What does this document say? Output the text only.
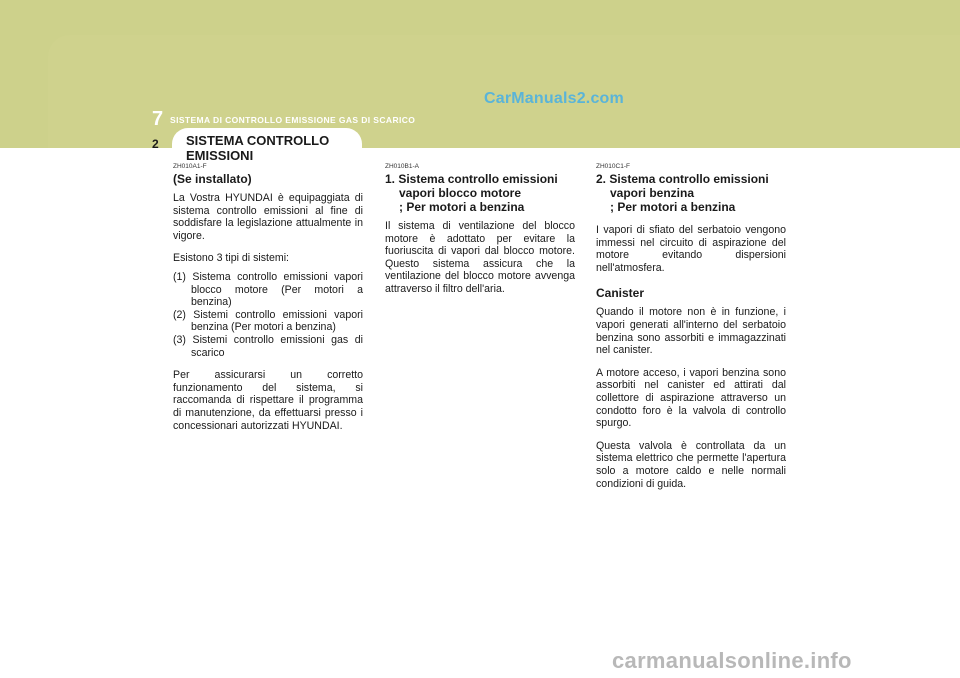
CarManuals2.com
7 SISTEMA DI CONTROLLO EMISSIONE GAS DI SCARICO
2 SISTEMA CONTROLLO EMISSIONI
ZH010A1-F
(Se installato)

La Vostra HYUNDAI è equipaggiata di sistema controllo emissioni al fine di soddisfare la legislazione attualmente in vigore.

Esistono 3 tipi di sistemi:

(1) Sistema controllo emissioni vapori blocco motore (Per motori a benzina)
(2) Sistemi controllo emissioni vapori benzina (Per motori a benzina)
(3) Sistemi controllo emissioni gas di scarico

Per assicurarsi un corretto funzionamento del sistema, si raccomanda di rispettare il programma di manutenzione, da effettuarsi presso i concessionari autorizzati HYUNDAI.

ZH010B1-A
1. Sistema controllo emissioni
vapori blocco motore
; Per motori a benzina

Il sistema di ventilazione del blocco motore è adottato per evitare la fuoriuscita di vapori dal blocco motore. Questo sistema assicura che la ventilazione del blocco motore avvenga attraverso il filtro dell'aria.

ZH010C1-F
2. Sistema controllo emissioni
vapori benzina
; Per motori a benzina

I vapori di sfiato del serbatoio vengono immessi nel circuito di aspirazione del motore evitando dispersioni nell'atmosfera.

Canister

Quando il motore non è in funzione, i vapori generati all'interno del serbatoio benzina sono assorbiti e immagazzinati nel canister.

A motore acceso, i vapori benzina sono assorbiti nel canister ed attirati dal collettore di aspirazione attraverso un condotto foro è la valvola di controllo spurgo.

Questa valvola è controllata da un sistema elettrico che permette l'apertura solo a motore caldo e nelle normali condizioni di guida.

carmanualsonline.info
